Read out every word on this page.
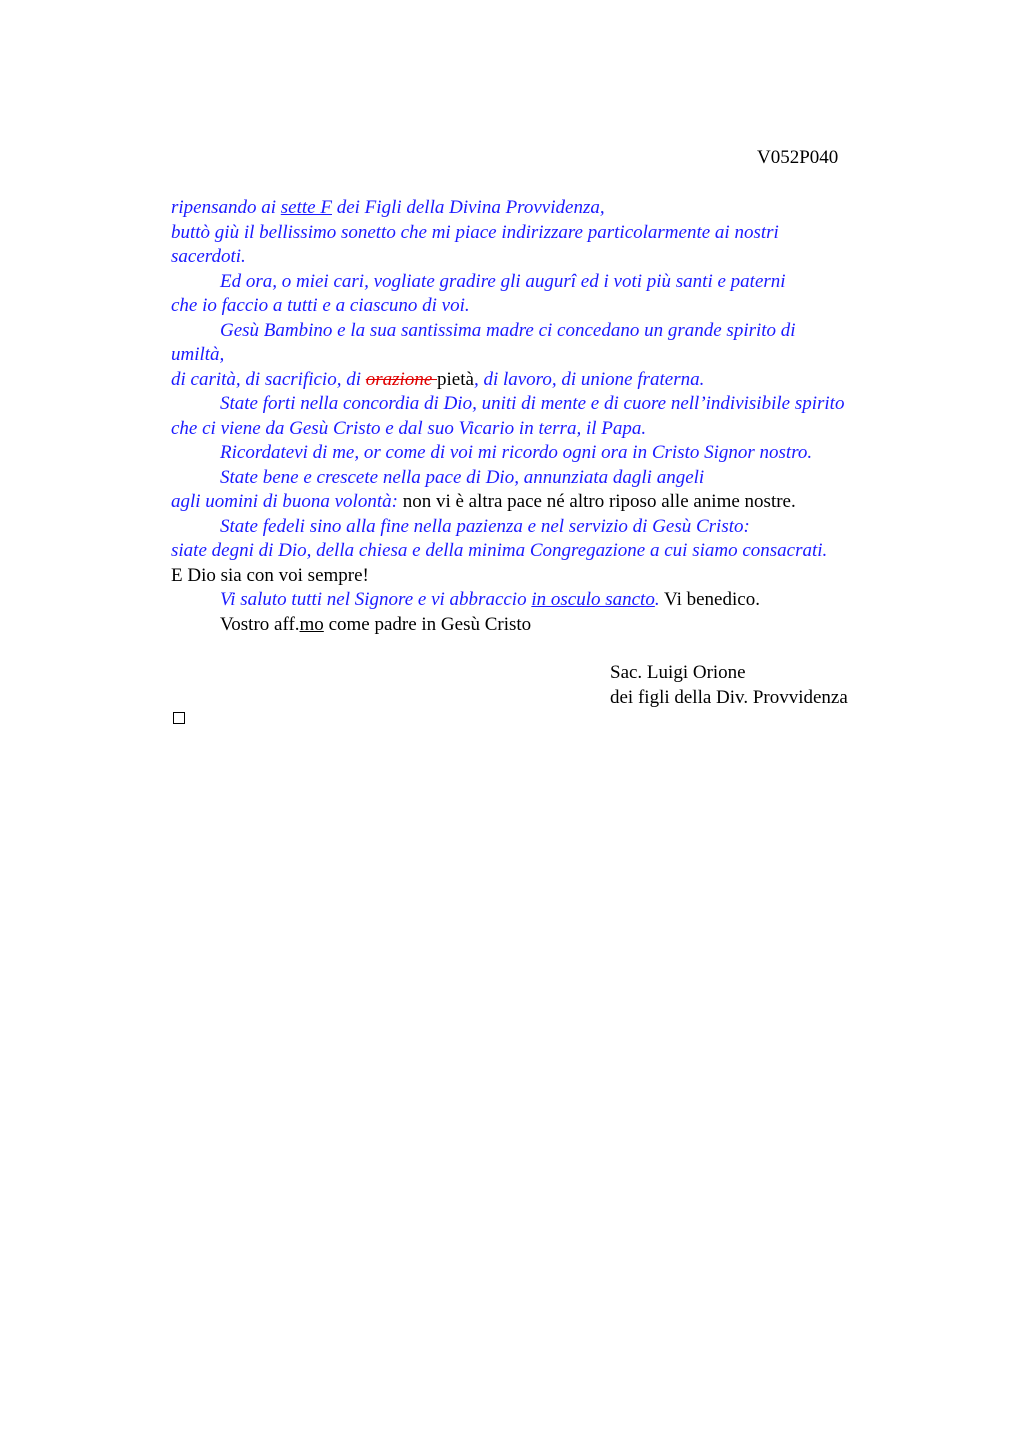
V052P040
ripensando ai sette F dei Figli della Divina Provvidenza,
buttò giù il bellissimo sonetto che mi piace indirizzare particolarmente ai nostri
sacerdoti.
Ed ora, o miei cari, vogliate gradire gli augurî ed i voti più santi e paterni
che io faccio a tutti e a ciascuno di voi.
Gesù Bambino e la sua santissima madre ci concedano un grande spirito di
umiltà,
di carità, di sacrificio, di orazione pietà, di lavoro, di unione fraterna.
State forti nella concordia di Dio, uniti di mente e di cuore nell’indivisibile spirito
che ci viene da Gesù Cristo e dal suo Vicario in terra, il Papa.
Ricordatevi di me, or come di voi mi ricordo ogni ora in Cristo Signor nostro.
State bene e crescete nella pace di Dio, annunziata dagli angeli
agli uomini di buona volontà: non vi è altra pace né altro riposo alle anime nostre.
State fedeli sino alla fine nella pazienza e nel servizio di Gesù Cristo:
siate degni di Dio, della chiesa e della minima Congregazione a cui siamo consacrati.
E Dio sia con voi sempre!
Vi saluto tutti nel Signore e vi abbraccio in osculo sancto. Vi benedico.
Vostro aff.mo come padre in Gesù Cristo
Sac. Luigi Orione
dei figli della Div. Provvidenza
